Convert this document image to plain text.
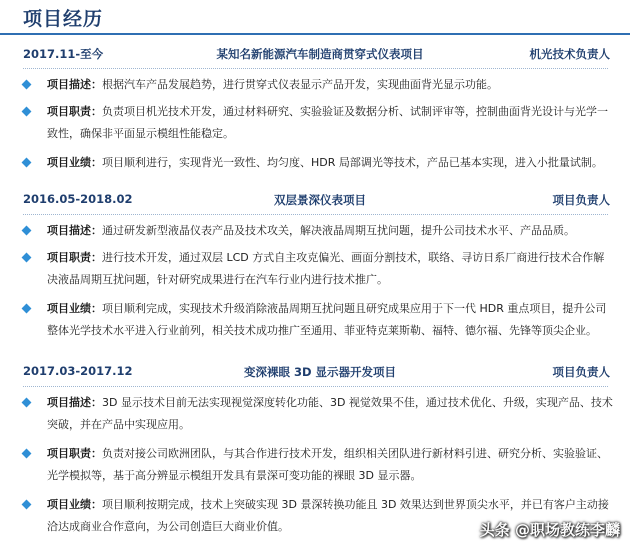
项目经历
2017.11-至今	某知名新能源汽车制造商贯穿式仪表项目	机光技术负责人
项目描述：根据汽车产品发展趋势，进行贯穿式仪表显示产品开发，实现曲面背光显示功能。
项目职责：负责项目机光技术开发，通过材料研究、实验验证及数据分析、试制评审等，控制曲面背光设计与光学一致性，确保非平面显示模组性能稳定。
项目业绩：项目顺利进行，实现背光一致性、均匀度、HDR 局部调光等技术，产品已基本实现，进入小批量试制。
2016.05-2018.02	双层景深仪表项目	项目负责人
项目描述：通过研发新型液晶仪表产品及技术攻关，解决液晶周期互扰问题，提升公司技术水平、产品品质。
项目职责：进行技术开发，通过双层 LCD 方式自主攻克偏光、画面分割技术，联络、寻访日系厂商进行技术合作解决液晶周期互扰问题，针对研究成果进行在汽车行业内进行技术推广。
项目业绩：项目顺利完成，实现技术升级消除液晶周期互扰问题且研究成果应用于下一代 HDR 重点项目，提升公司整体光学技术水平进入行业前列，相关技术成功推广至通用、菲亚特克莱斯勒、福特、德尔福、先锋等顶尖企业。
2017.03-2017.12	变深裸眼 3D 显示器开发项目	项目负责人
项目描述：3D 显示技术目前无法实现视觉深度转化功能、3D 视觉效果不佳，通过技术优化、升级，实现产品、技术突破，并在产品中实现应用。
项目职责：负责对接公司欧洲团队，与其合作进行技术开发，组织相关团队进行新材料引进、研究分析、实验验证、光学模拟等，基于高分辨显示模组开发具有景深可变功能的裸眼 3D 显示器。
项目业绩：项目顺利按期完成，技术上突破实现 3D 景深转换功能且 3D 效果达到世界顶尖水平，并已有客户主动接洽达成商业合作意向，为公司创造巨大商业价值。	头条 @职场教练李麟
